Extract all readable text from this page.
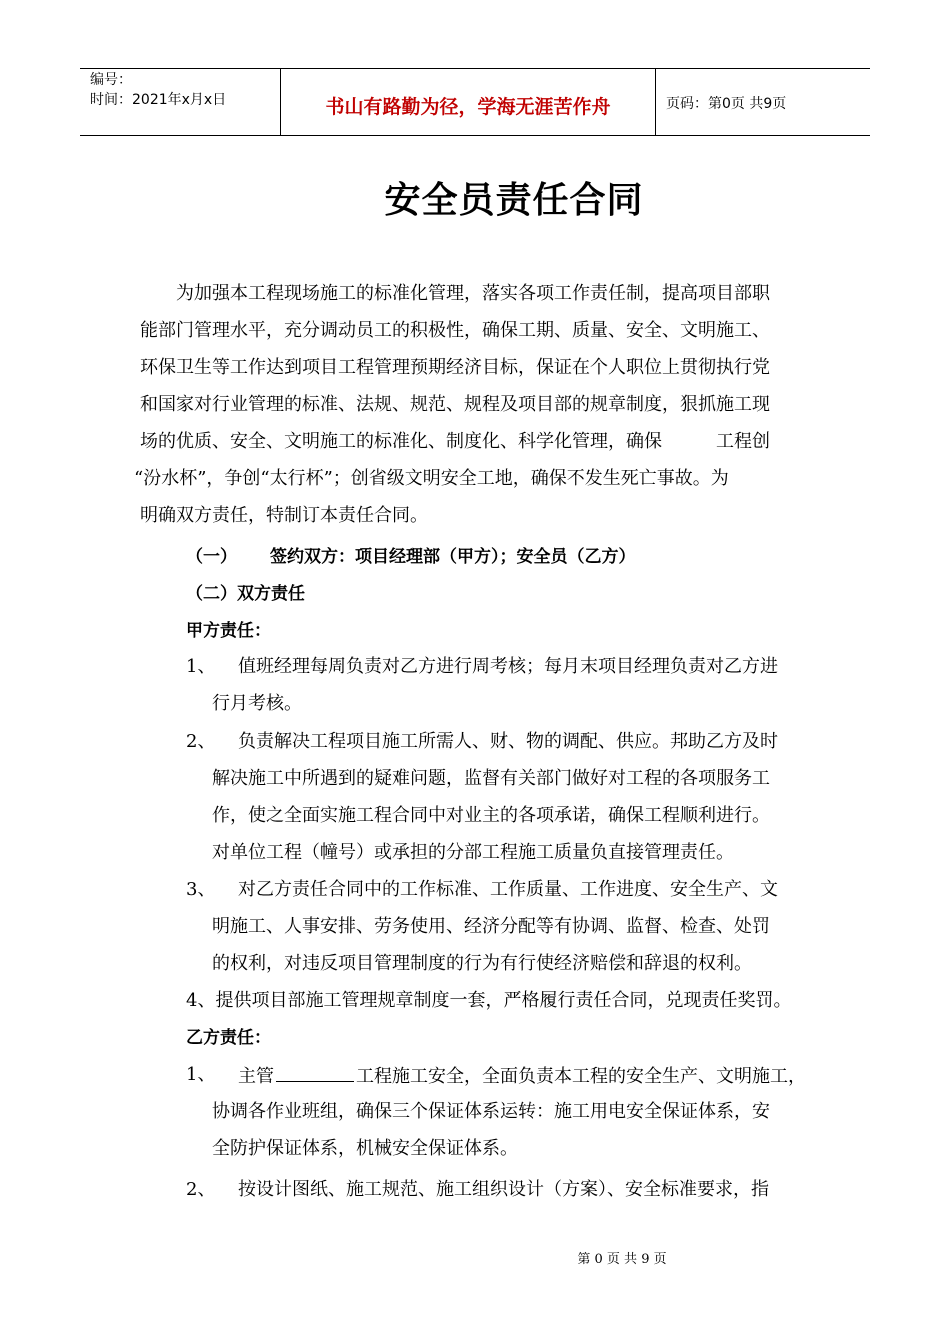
编号：
时间：2021年x月x日	书山有路勤为径，学海无涯苦作舟	页码：第0页 共9页
安全员责任合同
为加强本工程现场施工的标准化管理，落实各项工作责任制，提高项目部职
能部门管理水平，充分调动员工的积极性，确保工期、质量、安全、文明施工、
环保卫生等工作达到项目工程管理预期经济目标，保证在个人职位上贯彻执行党
和国家对行业管理的标准、法规、规范、规程及项目部的规章制度，狠抓施工现
场的优质、安全、文明施工的标准化、制度化、科学化管理，确保　　　工程创
“汾水杯”，争创“太行杯”；创省级文明安全工地，确保不发生死亡事故。为
明确双方责任，特制订本责任合同。
（一） 签约双方：项目经理部（甲方）；安全员（乙方）
（二）双方责任
甲方责任：
1、 值班经理每周负责对乙方进行周考核；每月末项目经理负责对乙方进
行月考核。
2、 负责解决工程项目施工所需人、财、物的调配、供应。邦助乙方及时
解决施工中所遇到的疑难问题，监督有关部门做好对工程的各项服务工
作，使之全面实施工程合同中对业主的各项承诺，确保工程顺利进行。
对单位工程（幢号）或承担的分部工程施工质量负直接管理责任。
3、 对乙方责任合同中的工作标准、工作质量、工作进度、安全生产、文
明施工、人事安排、劳务使用、经济分配等有协调、监督、检查、处罚
的权利，对违反项目管理制度的行为有行使经济赔偿和辞退的权利。
4、提供项目部施工管理规章制度一套，严格履行责任合同，兑现责任奖罚。
乙方责任：
1、 主管	工程施工安全，全面负责本工程的安全生产、文明施工，
协调各作业班组，确保三个保证体系运转：施工用电安全保证体系，安
全防护保证体系，机械安全保证体系。
2、 按设计图纸、施工规范、施工组织设计（方案）、安全标准要求，指
第 0 页 共 9 页
